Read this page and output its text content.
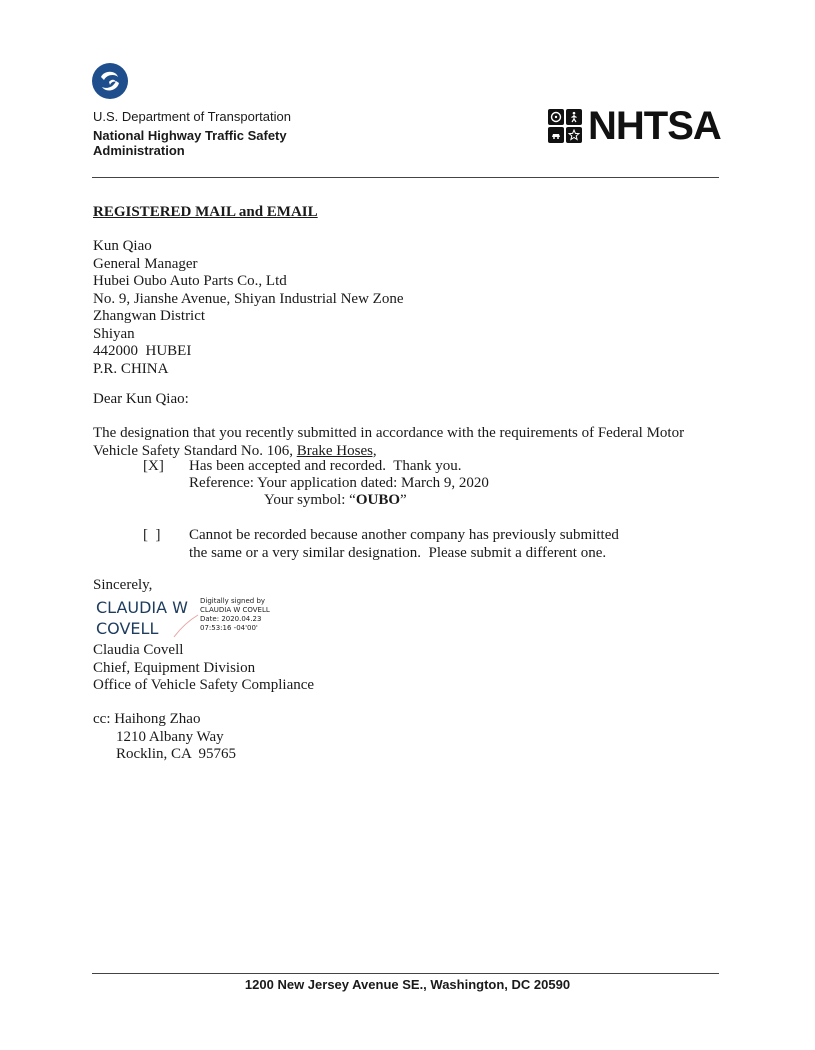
U.S. Department of Transportation
National Highway Traffic Safety
Administration
NHTSA
REGISTERED MAIL and EMAIL
Kun Qiao
General Manager
Hubei Oubo Auto Parts Co., Ltd
No. 9, Jianshe Avenue, Shiyan Industrial New Zone
Zhangwan District
Shiyan
442000  HUBEI
P.R. CHINA
Dear Kun Qiao:
The designation that you recently submitted in accordance with the requirements of Federal Motor Vehicle Safety Standard No. 106, Brake Hoses,
[X] Has been accepted and recorded.  Thank you.
Reference: Your application dated: March 9, 2020
Your symbol: “OUBO”
[  ] Cannot be recorded because another company has previously submitted the same or a very similar designation.  Please submit a different one.
Sincerely,
CLAUDIA W
COVELL
Digitally signed by
CLAUDIA W COVELL
Date: 2020.04.23
07:53:16 -04'00'
Claudia Covell
Chief, Equipment Division
Office of Vehicle Safety Compliance
cc: Haihong Zhao
1210 Albany Way
Rocklin, CA  95765
1200 New Jersey Avenue SE., Washington, DC 20590
